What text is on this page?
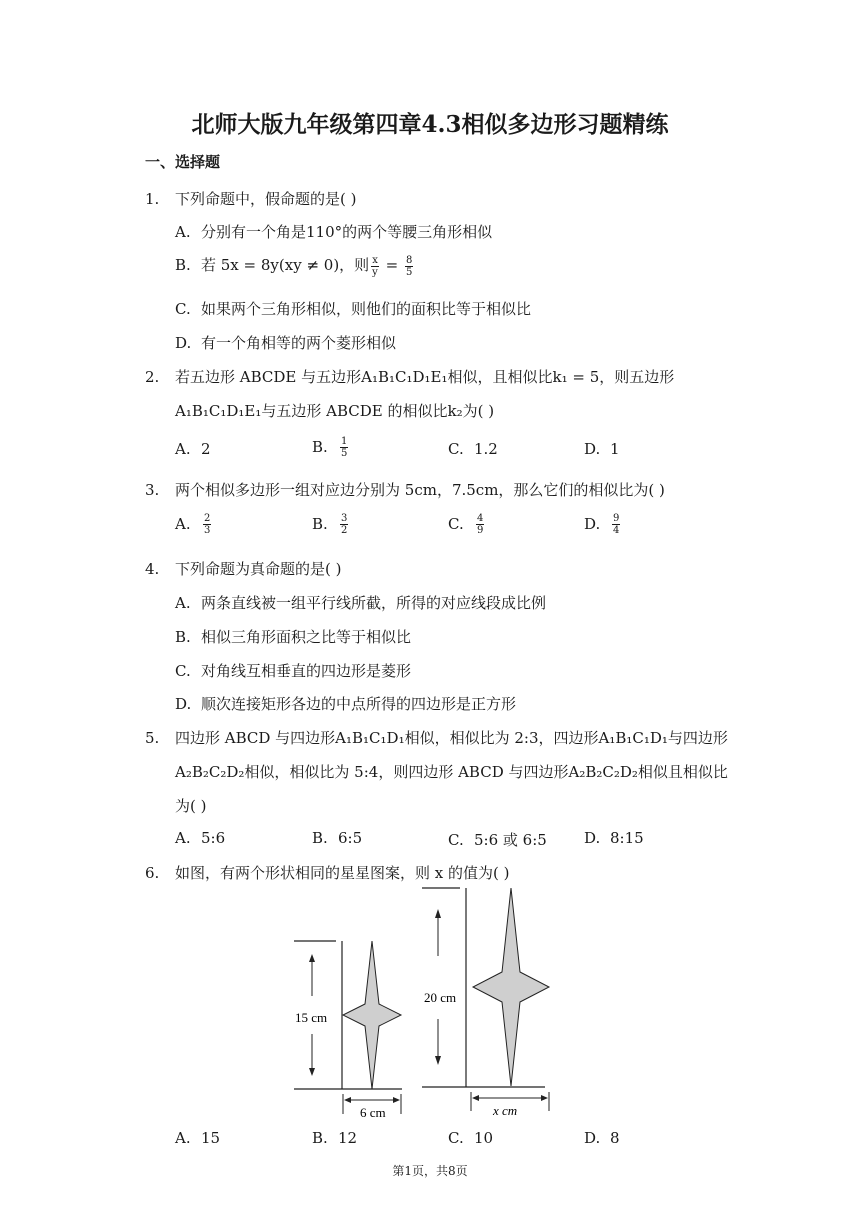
北师大版九年级第四章4.3相似多边形习题精练
一、选择题
1. 下列命题中，假命题的是( )
A. 分别有一个角是110°的两个等腰三角形相似
B. 若 5x = 8y(xy ≠ 0)，则 $\frac{x}{y} = \frac{8}{5}$
C. 如果两个三角形相似，则他们的面积比等于相似比
D. 有一个角相等的两个菱形相似
2. 若五边形 ABCDE 与五边形A₁B₁C₁D₁E₁相似，且相似比k₁ = 5，则五边形
A₁B₁C₁D₁E₁与五边形 ABCDE 的相似比k₂为( )
A. 2	B. $\frac{1}{5}$	C. 1.2	D. 1
3. 两个相似多边形一组对应边分别为 5cm，7.5cm，那么它们的相似比为( )
A. $\frac{2}{3}$	B. $\frac{3}{2}$	C. $\frac{4}{9}$	D. $\frac{9}{4}$
4. 下列命题为真命题的是( )
A. 两条直线被一组平行线所截，所得的对应线段成比例
B. 相似三角形面积之比等于相似比
C. 对角线互相垂直的四边形是菱形
D. 顺次连接矩形各边的中点所得的四边形是正方形
5. 四边形 ABCD 与四边形A₁B₁C₁D₁相似，相似比为 2:3，四边形A₁B₁C₁D₁与四边形
A₂B₂C₂D₂相似，相似比为 5:4，则四边形 ABCD 与四边形A₂B₂C₂D₂相似且相似比
为( )
A. 5:6	B. 6:5	C. 5:6 或 6:5 D. 8:15
6. 如图，有两个形状相同的星星图案，则 x 的值为( )
15 cm
6 cm
20 cm
x cm
A. 15	B. 12	C. 10	D. 8
第1页，共8页
